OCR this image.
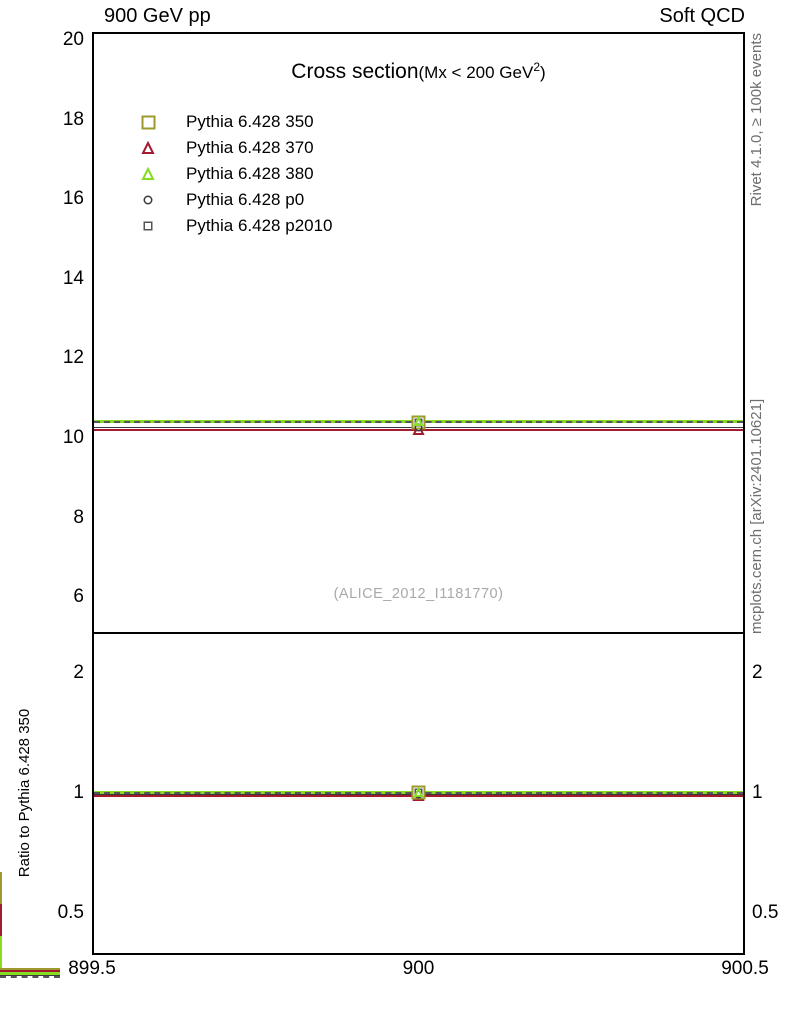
900 GeV pp	Soft QCD
Cross section(Mx < 200 GeV$^2$)
(ALICE_2012_I1181770)
Rivet 4.1.0, ≥ 100k events
mcplots.cern.ch [arXiv:2401.10621]
Ratio to Pythia 6.428 350
6
8
10
12
14
16
18
20
2	2
1	1
0.5	0.5
899.5	900	900.5
Pythia 6.428 350
Pythia 6.428 370
Pythia 6.428 380
Pythia 6.428 p0
Pythia 6.428 p2010
